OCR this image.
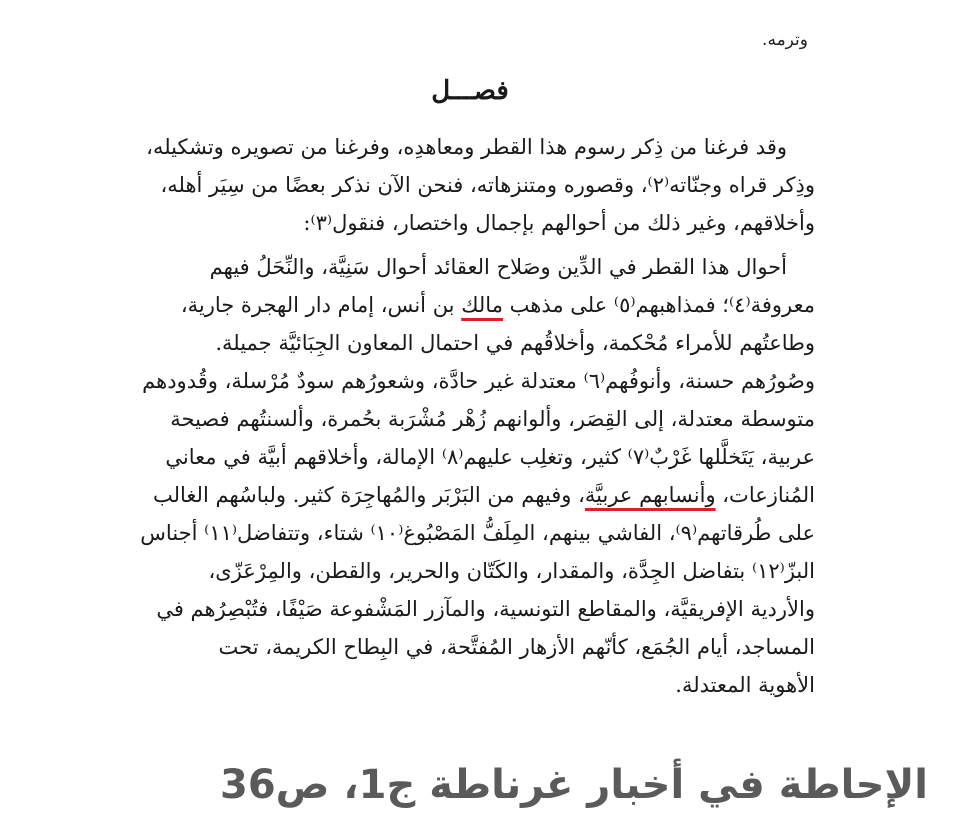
وترمه.
فصـــل
وقد فرغنا من ذِكر رسوم هذا القطر ومعاهدِه، وفرغنا من تصويره وتشكيله،
وذِكر قراه وجنّاته⁽٢⁾، وقصوره ومتنزهاته، فنحن الآن نذكر بعضًا من سِيَر أهله،
وأخلاقهم، وغير ذلك من أحوالهم بإجمال واختصار، فنقول⁽٣⁾:
أحوال هذا القطر في الدِّين وصَلاح العقائد أحوال سَنِيَّة، والنِّحَلُ فيهم
معروفة⁽٤⁾؛ فمذاهبهم⁽٥⁾ على مذهب مالك بن أنس، إمام دار الهجرة جارية،
وطاعتُهم للأمراء مُحْكمة، وأخلاقُهم في احتمال المعاون الجِبَائيَّة جميلة.
وصُورُهم حسنة، وأنوفُهم⁽٦⁾ معتدلة غير حادَّة، وشعورُهم سودٌ مُرْسلة، وقُدودهم
متوسطة معتدلة، إلى القِصَر، وألوانهم زُهْر مُشْرَبة بحُمرة، وألسنتُهم فصيحة
عربية، يَتَخلَّلها غَرْبٌ⁽٧⁾ كثير، وتغلِب عليهم⁽٨⁾ الإمالة، وأخلاقهم أبيَّة في معاني
المُنازعات، وأنسابهم عربيَّة، وفيهم من البَرْبَر والمُهاجِرَة كثير. ولباسُهم الغالب
على طُرقاتهم⁽٩⁾، الفاشي بينهم، المِلَفُّ المَصْبُوغ⁽١٠⁾ شتاء، وتتفاضل⁽١١⁾ أجناس
البزّ⁽١٢⁾ بتفاضل الجِدَّة، والمقدار، والكَتّان والحرير، والقطن، والمِرْعَزّى،
والأردية الإفريقيَّة، والمقاطع التونسية، والمآزر المَشْفوعة صَيْفًا، فتُبْصِرُهم في
المساجد، أيام الجُمَع، كأنّهم الأزهار المُفتَّحة، في البِطاح الكريمة، تحت
الأهوية المعتدلة.
الإحاطة في أخبار غرناطة ج1، ص36
